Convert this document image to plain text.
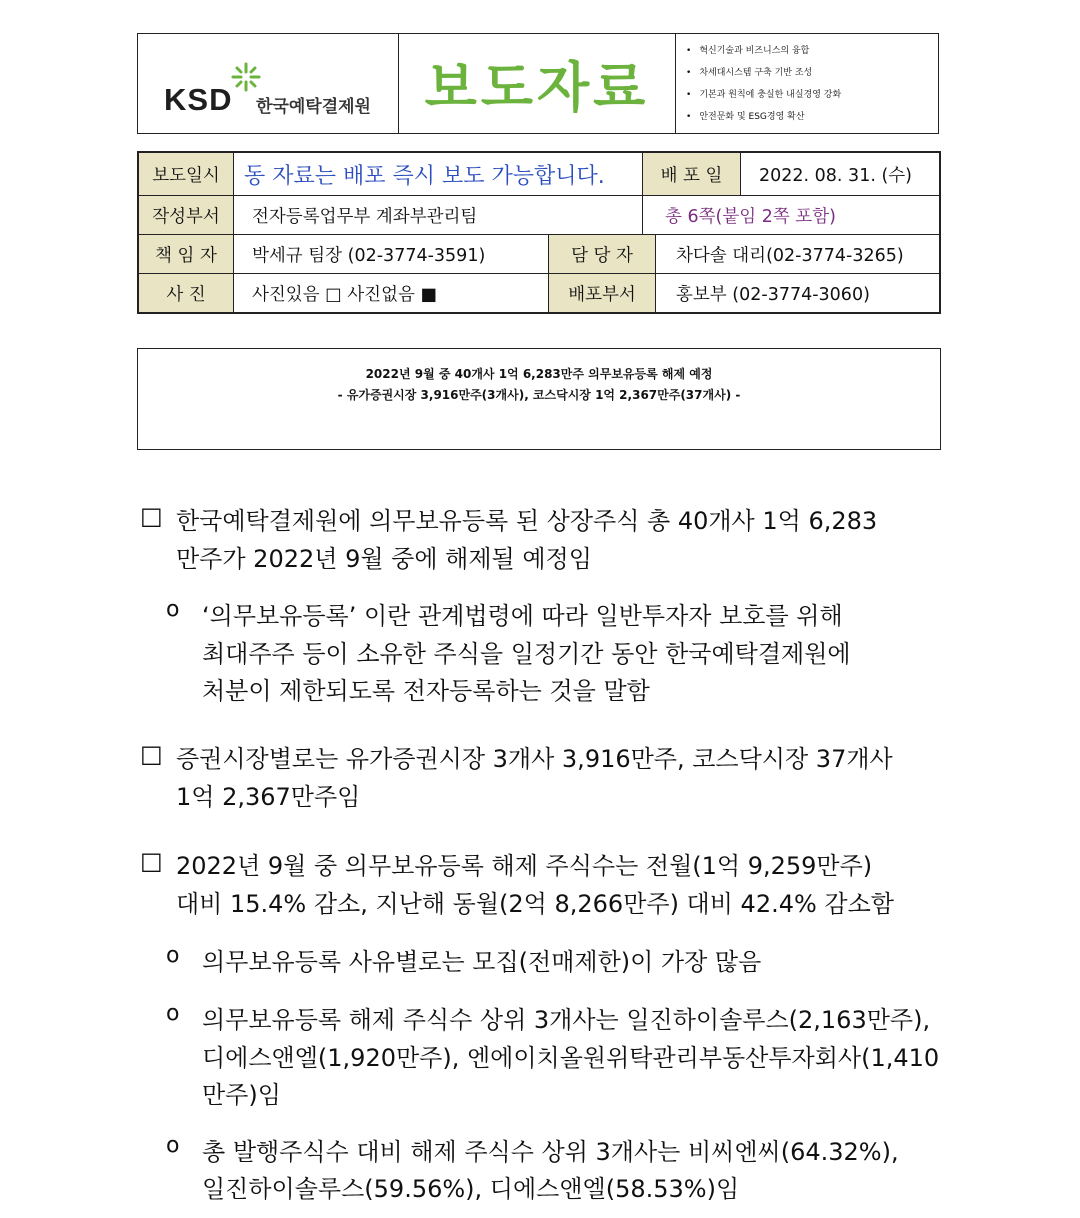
KSD 한국예탁결제원 보도자료
• 혁신기술과 비즈니스의 융합
• 차세대시스템 구축 기반 조성
• 기본과 원칙에 충실한 내실경영 강화
• 안전문화 및 ESG경영 확산
보도일시	동 자료는 배포 즉시 보도 가능합니다.	배 포 일	2022. 08. 31. (수)
작성부서	전자등록업무부 계좌부관리팀	총 6쪽(붙임 2쪽 포함)
책 임 자	박세규 팀장 (02-3774-3591)	담 당 자	차다솔 대리(02-3774-3265)
사 진	사진있음 □ 사진없음 ■	배포부서	홍보부 (02-3774-3060)
2022년 9월 중 40개사 1억 6,283만주 의무보유등록 해제 예정
- 유가증권시장 3,916만주(3개사), 코스닥시장 1억 2,367만주(37개사) -
□ 한국예탁결제원에 의무보유등록 된 상장주식 총 40개사 1억 6,283
만주가 2022년 9월 중에 해제될 예정임
ο ‘의무보유등록’ 이란 관계법령에 따라 일반투자자 보호를 위해
최대주주 등이 소유한 주식을 일정기간 동안 한국예탁결제원에
처분이 제한되도록 전자등록하는 것을 말함
□ 증권시장별로는 유가증권시장 3개사 3,916만주, 코스닥시장 37개사
1억 2,367만주임
□ 2022년 9월 중 의무보유등록 해제 주식수는 전월(1억 9,259만주)
대비 15.4% 감소, 지난해 동월(2억 8,266만주) 대비 42.4% 감소함
ο 의무보유등록 사유별로는 모집(전매제한)이 가장 많음
ο 의무보유등록 해제 주식수 상위 3개사는 일진하이솔루스(2,163만주),
디에스앤엘(1,920만주), 엔에이치올원위탁관리부동산투자회사(1,410
만주)임
ο 총 발행주식수 대비 해제 주식수 상위 3개사는 비씨엔씨(64.32%),
일진하이솔루스(59.56%), 디에스앤엘(58.53%)임
